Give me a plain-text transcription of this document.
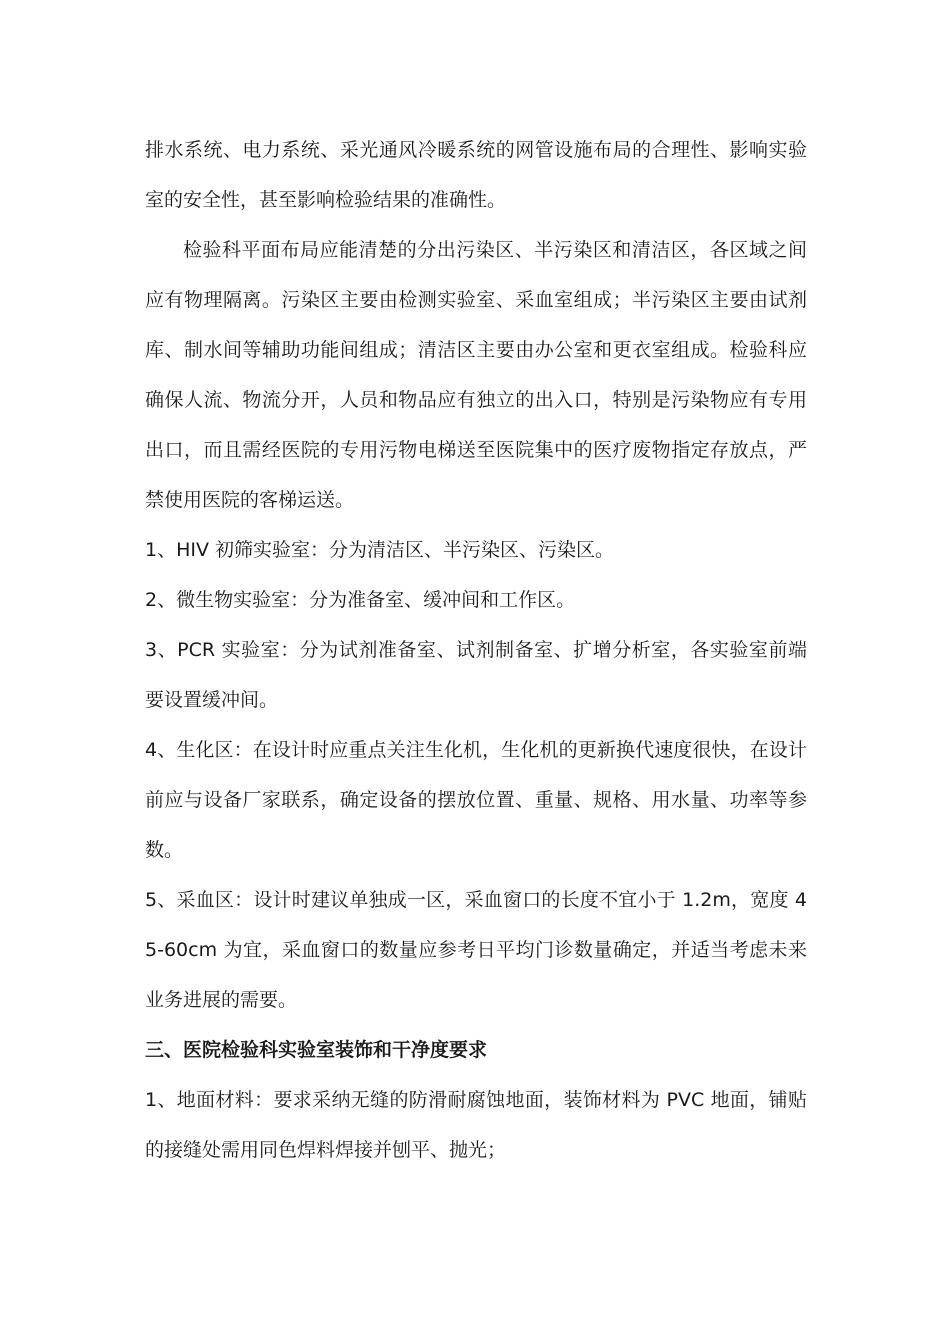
排水系统、电力系统、采光通风冷暖系统的网管设施布局的合理性、影响实验室的安全性，甚至影响检验结果的准确性。

检验科平面布局应能清楚的分出污染区、半污染区和清洁区，各区域之间应有物理隔离。污染区主要由检测实验室、采血室组成；半污染区主要由试剂库、制水间等辅助功能间组成；清洁区主要由办公室和更衣室组成。检验科应确保人流、物流分开，人员和物品应有独立的出入口，特别是污染物应有专用出口，而且需经医院的专用污物电梯送至医院集中的医疗废物指定存放点，严禁使用医院的客梯运送。

1、HIV 初筛实验室：分为清洁区、半污染区、污染区。

2、微生物实验室：分为准备室、缓冲间和工作区。

3、PCR 实验室：分为试剂准备室、试剂制备室、扩增分析室，各实验室前端要设置缓冲间。

4、生化区：在设计时应重点关注生化机，生化机的更新换代速度很快，在设计前应与设备厂家联系，确定设备的摆放位置、重量、规格、用水量、功率等参数。

5、采血区：设计时建议单独成一区，采血窗口的长度不宜小于 1.2m，宽度 45-60cm 为宜，采血窗口的数量应参考日平均门诊数量确定，并适当考虑未来业务进展的需要。

三、医院检验科实验室装饰和干净度要求

1、地面材料：要求采纳无缝的防滑耐腐蚀地面，装饰材料为 PVC 地面，铺贴的接缝处需用同色焊料焊接并刨平、抛光；
